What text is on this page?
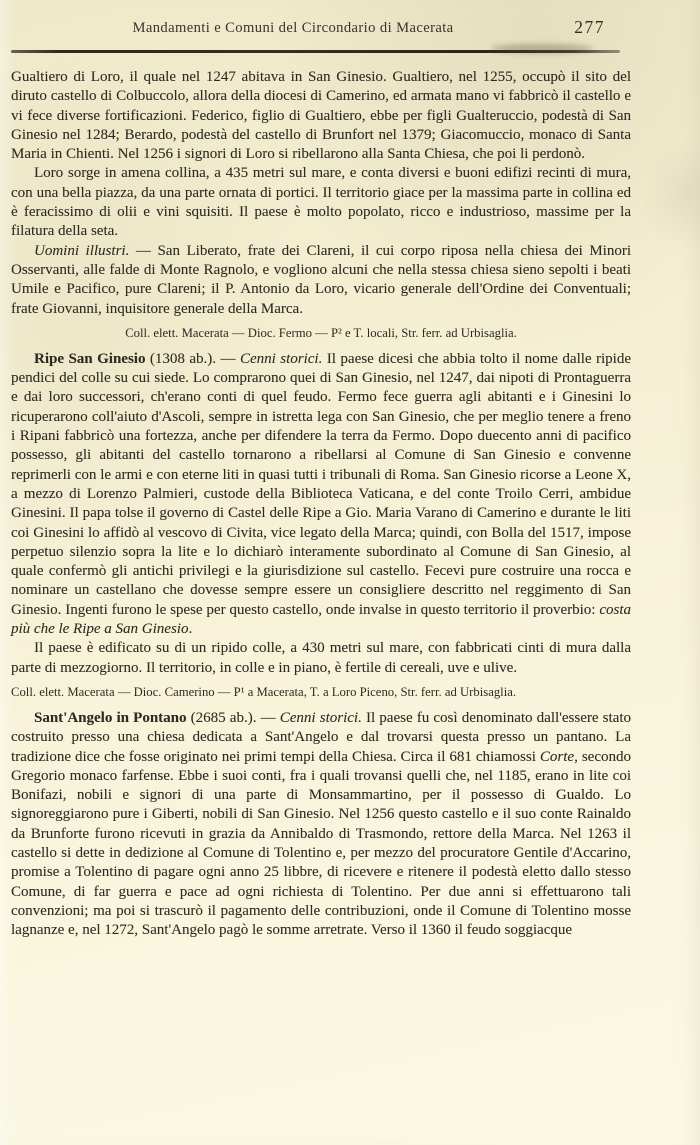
Mandamenti e Comuni del Circondario di Macerata	277

Gualtiero di Loro, il quale nel 1247 abitava in San Ginesio. Gualtiero, nel 1255, occupò il sito del diruto castello di Colbuccolo, allora della diocesi di Camerino, ed armata mano vi fabbricò il castello e vi fece diverse fortificazioni. Federico, figlio di Gualtiero, ebbe per figli Gualteruccio, podestà di San Ginesio nel 1284; Berardo, podestà del castello di Brunfort nel 1379; Giacomuccio, monaco di Santa Maria in Chienti. Nel 1256 i signori di Loro si ribellarono alla Santa Chiesa, che poi li perdonò.

Loro sorge in amena collina, a 435 metri sul mare, e conta diversi e buoni edifizi recinti di mura, con una bella piazza, da una parte ornata di portici. Il territorio giace per la massima parte in collina ed è feracissimo di olii e vini squisiti. Il paese è molto popolato, ricco e industrioso, massime per la filatura della seta.

Uomini illustri. — San Liberato, frate dei Clareni, il cui corpo riposa nella chiesa dei Minori Osservanti, alle falde di Monte Ragnolo, e vogliono alcuni che nella stessa chiesa sieno sepolti i beati Umile e Pacifico, pure Clareni; il P. Antonio da Loro, vicario generale dell'Ordine dei Conventuali; frate Giovanni, inquisitore generale della Marca.

Coll. elett. Macerata — Dioc. Fermo — P² e T. locali, Str. ferr. ad Urbisaglia.

Ripe San Ginesio (1308 ab.). — Cenni storici. Il paese dicesi che abbia tolto il nome dalle ripide pendici del colle su cui siede. Lo comprarono quei di San Ginesio, nel 1247, dai nipoti di Prontaguerra e dai loro successori, ch'erano conti di quel feudo. Fermo fece guerra agli abitanti e i Ginesini lo ricuperarono coll'aiuto d'Ascoli, sempre in istretta lega con San Ginesio, che per meglio tenere a freno i Ripani fabbricò una fortezza, anche per difendere la terra da Fermo. Dopo duecento anni di pacifico possesso, gli abitanti del castello tornarono a ribellarsi al Comune di San Ginesio e convenne reprimerli con le armi e con eterne liti in quasi tutti i tribunali di Roma. San Ginesio ricorse a Leone X, a mezzo di Lorenzo Palmieri, custode della Biblioteca Vaticana, e del conte Troilo Cerri, ambidue Ginesini. Il papa tolse il governo di Castel delle Ripe a Gio. Maria Varano di Camerino e durante le liti coi Ginesini lo affidò al vescovo di Civita, vice legato della Marca; quindi, con Bolla del 1517, impose perpetuo silenzio sopra la lite e lo dichiarò interamente subordinato al Comune di San Ginesio, al quale confermò gli antichi privilegi e la giurisdizione sul castello. Fecevi pure costruire una rocca e nominare un castellano che dovesse sempre essere un consigliere descritto nel reggimento di San Ginesio. Ingenti furono le spese per questo castello, onde invalse in questo territorio il proverbio: costa più che le Ripe a San Ginesio.

Il paese è edificato su di un ripido colle, a 430 metri sul mare, con fabbricati cinti di mura dalla parte di mezzogiorno. Il territorio, in colle e in piano, è fertile di cereali, uve e ulive.

Coll. elett. Macerata — Dioc. Camerino — P¹ a Macerata, T. a Loro Piceno, Str. ferr. ad Urbisaglia.

Sant'Angelo in Pontano (2685 ab.). — Cenni storici. Il paese fu così denominato dall'essere stato costruito presso una chiesa dedicata a Sant'Angelo e dal trovarsi questa presso un pantano. La tradizione dice che fosse originato nei primi tempi della Chiesa. Circa il 681 chiamossi Corte, secondo Gregorio monaco farfense. Ebbe i suoi conti, fra i quali trovansi quelli che, nel 1185, erano in lite coi Bonifazi, nobili e signori di una parte di Monsammartino, per il possesso di Gualdo. Lo signoreggiarono pure i Giberti, nobili di San Ginesio. Nel 1256 questo castello e il suo conte Rainaldo da Brunforte furono ricevuti in grazia da Annibaldo di Trasmondo, rettore della Marca. Nel 1263 il castello si dette in dedizione al Comune di Tolentino e, per mezzo del procuratore Gentile d'Accarino, promise a Tolentino di pagare ogni anno 25 libbre, di ricevere e ritenere il podestà eletto dallo stesso Comune, di far guerra e pace ad ogni richiesta di Tolentino. Per due anni si effettuarono tali convenzioni; ma poi si trascurò il pagamento delle contribuzioni, onde il Comune di Tolentino mosse lagnanze e, nel 1272, Sant'Angelo pagò le somme arretrate. Verso il 1360 il feudo soggiacque
